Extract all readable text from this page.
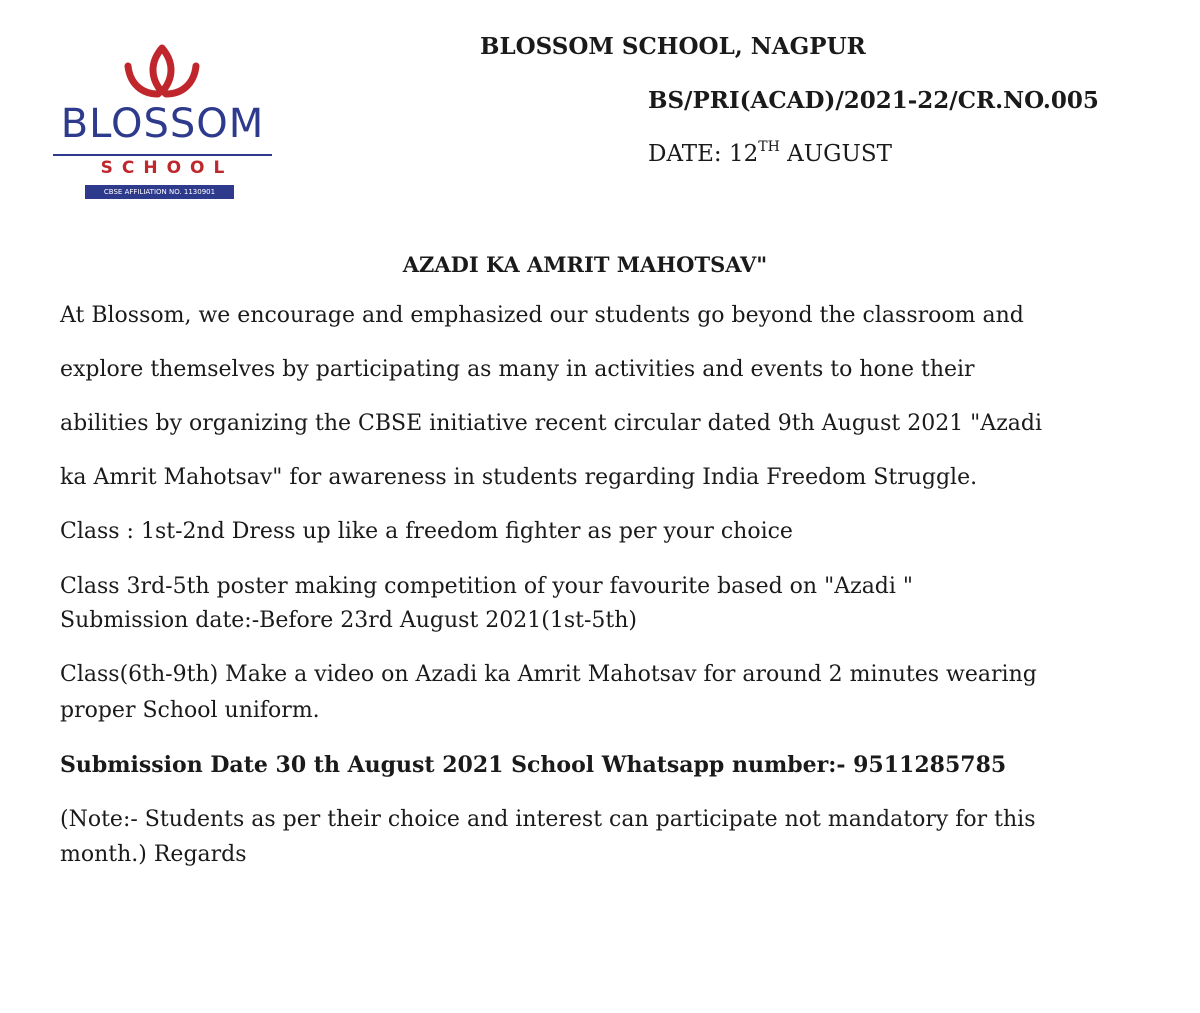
BLOSSOM
SCHOOL
CBSE AFFILIATION NO. 1130901
BLOSSOM SCHOOL, NAGPUR
BS/PRI(ACAD)/2021-22/CR.NO.005
DATE: 12TH AUGUST
AZADI KA AMRIT MAHOTSAV"
At Blossom, we encourage and emphasized our students go beyond the classroom and
explore themselves by participating as many in activities and events to hone their
abilities by organizing the CBSE initiative recent circular dated 9th August 2021 "Azadi
ka Amrit Mahotsav" for awareness in students regarding India Freedom Struggle.
Class : 1st-2nd Dress up like a freedom fighter as per your choice
Class 3rd-5th poster making competition of your favourite based on "Azadi "
Submission date:-Before 23rd August 2021(1st-5th)
Class(6th-9th) Make a video on Azadi ka Amrit Mahotsav for around 2 minutes wearing
proper School uniform.
Submission Date 30 th August 2021 School Whatsapp number:- 9511285785
(Note:- Students as per their choice and interest can participate not mandatory for this
month.) Regards
